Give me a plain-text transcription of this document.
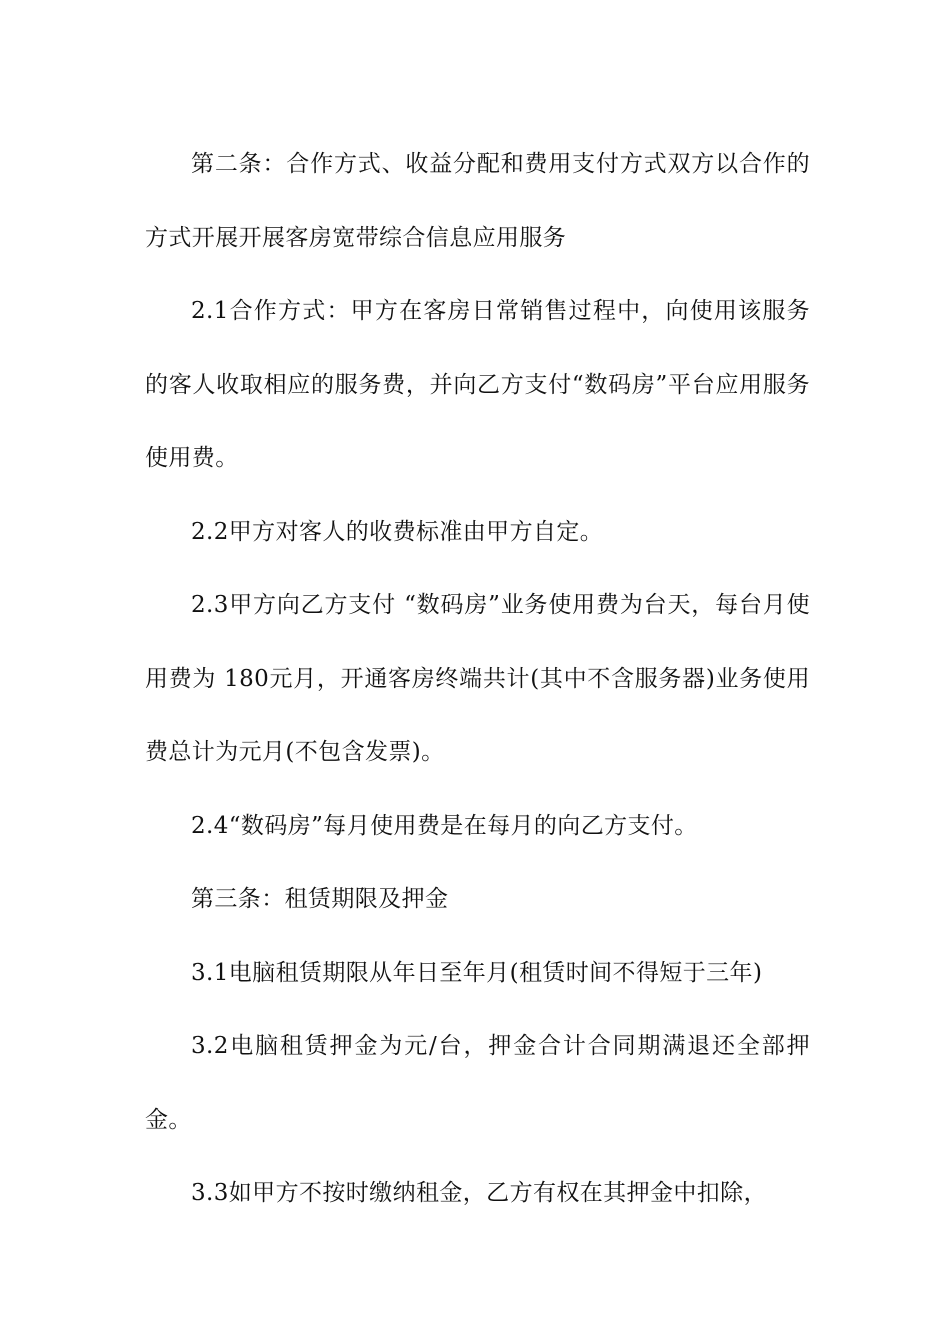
第二条：合作方式、收益分配和费用支付方式双方以合作的方式开展开展客房宽带综合信息应用服务

2.1合作方式：甲方在客房日常销售过程中，向使用该服务的客人收取相应的服务费，并向乙方支付“数码房”平台应用服务使用费。

2.2甲方对客人的收费标准由甲方自定。

2.3甲方向乙方支付 “数码房”业务使用费为台天，每台月使用费为 180元月，开通客房终端共计(其中不含服务器)业务使用费总计为元月(不包含发票)。

2.4“数码房”每月使用费是在每月的向乙方支付。

第三条：租赁期限及押金

3.1电脑租赁期限从年日至年月(租赁时间不得短于三年)

3.2电脑租赁押金为元/台，押金合计合同期满退还全部押金。

3.3如甲方不按时缴纳租金，乙方有权在其押金中扣除，
